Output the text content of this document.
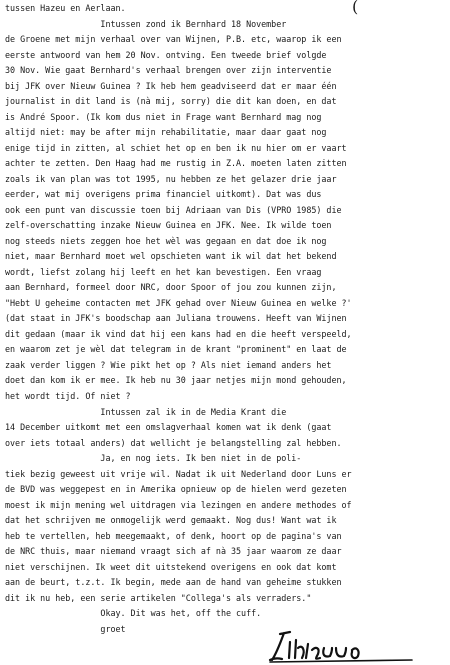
(
tussen Hazeu en Aerlaan.
Intussen zond ik Bernhard 18 November
de Groene met mijn verhaal over van Wijnen, P.B. etc, waarop ik een
eerste antwoord van hem 20 Nov. ontving. Een tweede brief volgde
30 Nov. Wie gaat Bernhard's verhaal brengen over zijn interventie
bij JFK over Nieuw Guinea ? Ik heb hem geadviseerd dat er maar één
journalist in dit land is (nà mij, sorry) die dit kan doen, en dat
is André Spoor. (Ik kom dus niet in Frage want Bernhard mag nog
altijd niet: may be after mijn rehabilitatie, maar daar gaat nog
enige tijd in zitten, al schiet het op en ben ik nu hier om er vaart
achter te zetten. Den Haag had me rustig in Z.A. moeten laten zitten
zoals ik van plan was tot 1995, nu hebben ze het gelazer drie jaar
eerder, wat mij overigens prima financiel uitkomt). Dat was dus
ook een punt van discussie toen bij Adriaan van Dis (VPRO 1985) die
zelf-overschatting inzake Nieuw Guinea en JFK. Nee. Ik wilde toen
nog steeds niets zeggen hoe het wèl was gegaan en dat doe ik nog
niet, maar Bernhard moet wel opschieten want ik wil dat het bekend
wordt, liefst zolang hij leeft en het kan bevestigen. Een vraag
aan Bernhard, formeel door NRC, door Spoor of jou zou kunnen zijn,
"Hebt U geheime contacten met JFK gehad over Nieuw Guinea en welke ?'
(dat staat in JFK's boodschap aan Juliana trouwens. Heeft van Wijnen
dit gedaan (maar ik vind dat hij een kans had en die heeft verspeeld,
en waarom zet je wèl dat telegram in de krant "prominent" en laat de
zaak verder liggen ? Wie pikt het op ? Als niet iemand anders het
doet dan kom ik er mee. Ik heb nu 30 jaar netjes mijn mond gehouden,
het wordt tijd. Of niet ?
Intussen zal ik in de Media Krant die
14 December uitkomt met een omslagverhaal komen wat ik denk (gaat
over iets totaal anders) dat wellicht je belangstelling zal hebben.
Ja, en nog iets. Ik ben niet in de poli-
tiek bezig geweest uit vrije wil. Nadat ik uit Nederland door Luns er
de BVD was weggepest en in Amerika opnieuw op de hielen werd gezeten
moest ik mijn mening wel uitdragen via lezingen en andere methodes of
dat het schrijven me onmogelijk werd gemaakt. Nog dus! Want wat ik
heb te vertellen, heb meegemaakt, of denk, hoort op de pagina's van
de NRC thuis, maar niemand vraagt sich af nà 35 jaar waarom ze daar
niet verschijnen. Ik weet dit uitstekend overigens en ook dat komt
aan de beurt, t.z.t. Ik begin, mede aan de hand van geheime stukken
dit ik nu heb, een serie artikelen "Collega's als verraders."
Okay. Dit was het, off the cuff.
groet
